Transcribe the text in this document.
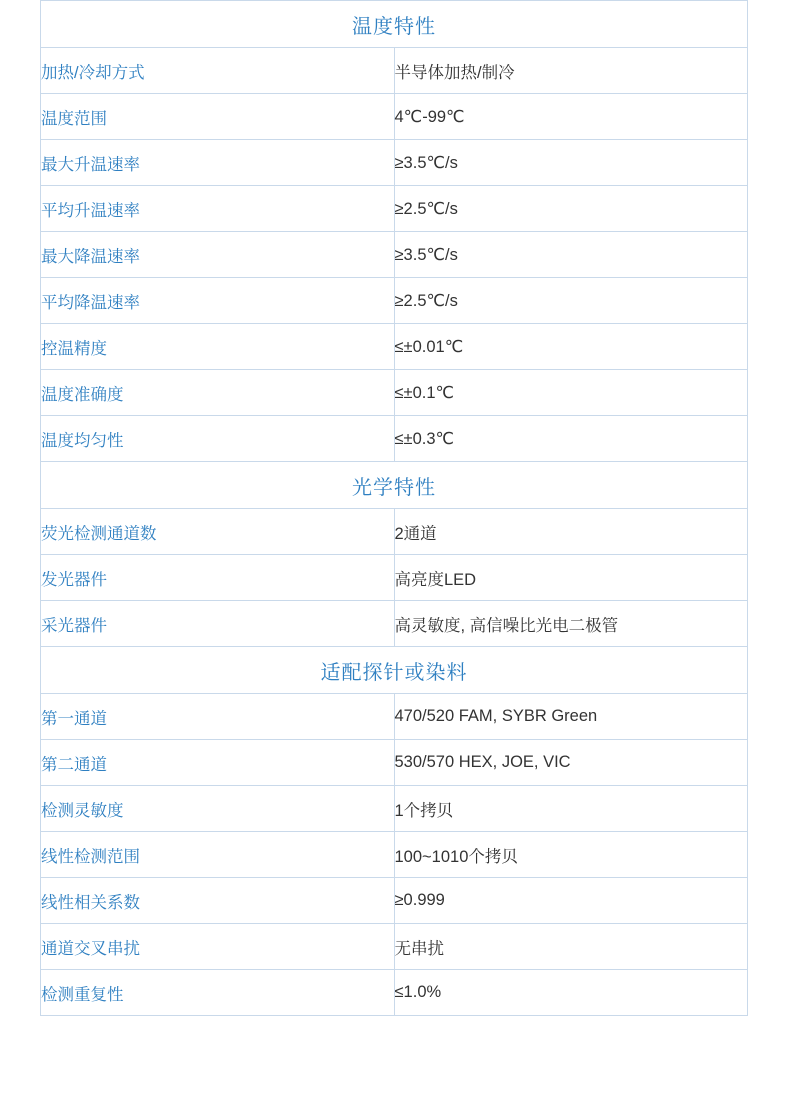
温度特性	
加热/冷却方式	半导体加热/制冷
温度范围	4℃-99℃
最大升温速率	≥3.5℃/s
平均升温速率	≥2.5℃/s
最大降温速率	≥3.5℃/s
平均降温速率	≥2.5℃/s
控温精度	≤±0.01℃
温度准确度	≤±0.1℃
温度均匀性	≤±0.3℃
光学特性	
荧光检测通道数	2通道
发光器件	高亮度LED
采光器件	高灵敏度, 高信噪比光电二极管
适配探针或染料	
第一通道	470/520 FAM, SYBR Green
第二通道	530/570 HEX, JOE, VIC
检测灵敏度	1个拷贝
线性检测范围	100~1010个拷贝
线性相关系数	≥0.999
通道交叉串扰	无串扰
检测重复性	≤1.0%
